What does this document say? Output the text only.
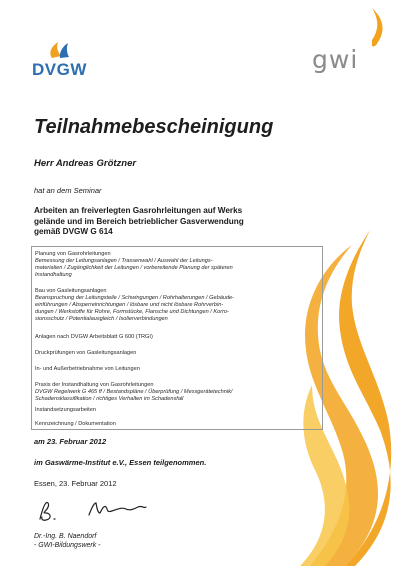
DVGW	gwi
Teilnahmebescheinigung
Herr Andreas Grötzner
hat an dem Seminar
Arbeiten an freiverlegten Gasrohrleitungen auf Werks
gelände und im Bereich betrieblicher Gasverwendung
gemäß DVGW G 614
Planung von Gasrohrleitungen
Bemessung der Leitungsanlagen / Trassenwahl / Auswahl der Leitungs-
materialien / Zugänglichkeit der Leitungen / vorbereitende Planung der späteren
Instandhaltung
Bau von Gasleitungsanlagen
Beanspruchung der Leitungsteile / Schwingungen / Rohrhalterungen / Gebäude-
einführungen / Absperreinrichtungen / lösbare und nicht lösbare Rohrverbin-
dungen / Werkstoffe für Rohre, Formstücke, Flansche und Dichtungen / Korro-
sionsschutz / Potentialausgleich / Isolierverbindungen
Anlagen nach DVGW Arbeitsblatt G 600 (TRGI)
Druckprüfungen von Gasleitungsanlagen
In- und Außerbetriebnahme von Leitungen
Praxis der Instandhaltung von Gasrohrleitungen
DVGW Regelwerk G 465 ff / Bestandspläne / Überprüfung / Messgerätetechnik/
Schadensklassifikation / richtiges Verhalten im Schadensfall
Instandsetzungsarbeiten
Kennzeichnung / Dokumentation
am 23. Februar 2012
im Gaswärme-Institut e.V., Essen teilgenommen.
Essen, 23. Februar 2012
Dr.-Ing. B. Naendorf
- GWI-Bildungswerk -
